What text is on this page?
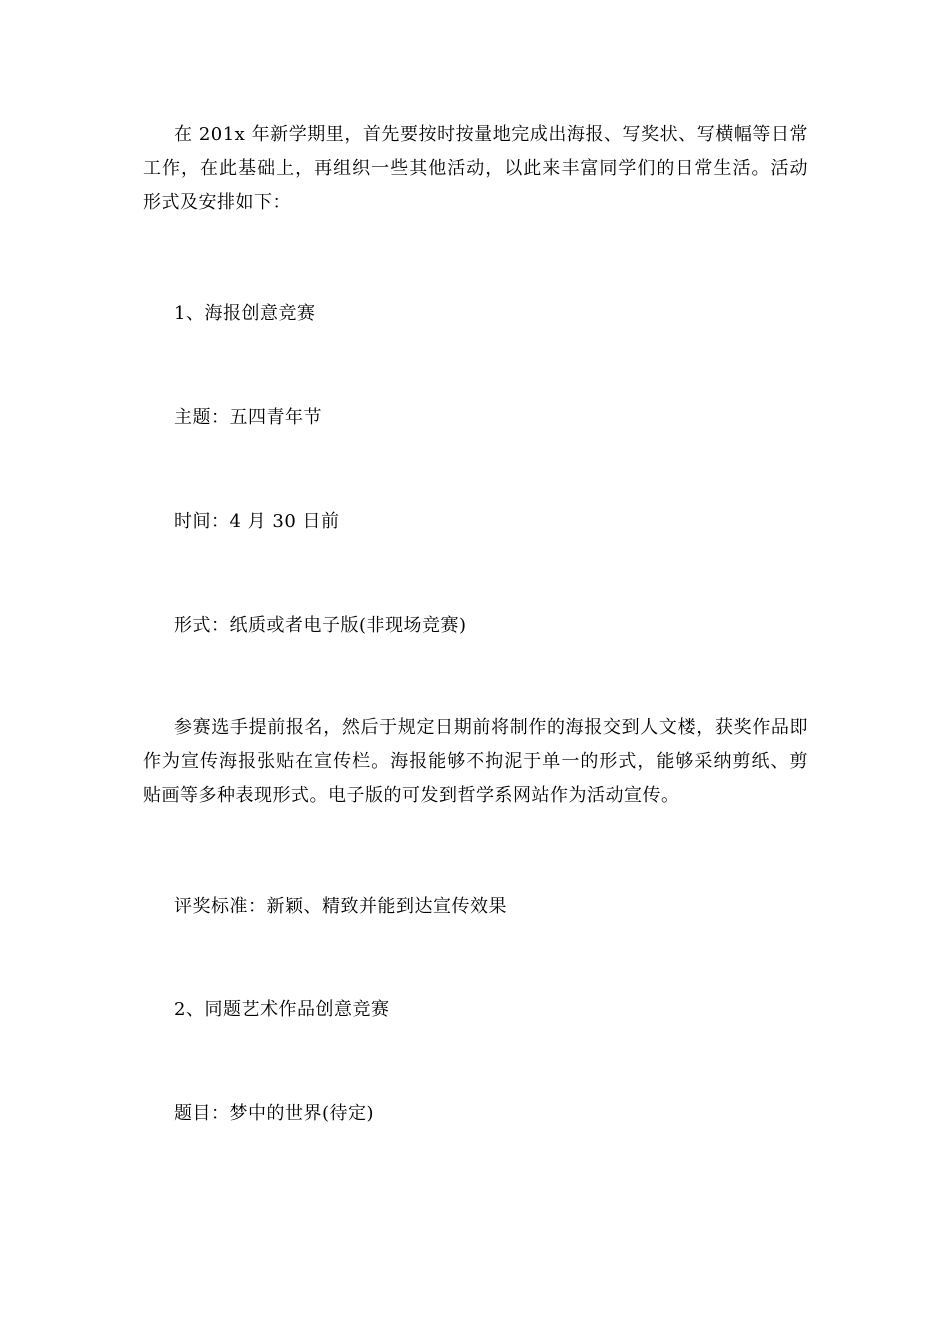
在 201x 年新学期里，首先要按时按量地完成出海报、写奖状、写横幅等日常工作，在此基础上，再组织一些其他活动，以此来丰富同学们的日常生活。活动形式及安排如下：

1、海报创意竞赛

主题：五四青年节

时间：4 月 30 日前

形式：纸质或者电子版(非现场竞赛)

参赛选手提前报名，然后于规定日期前将制作的海报交到人文楼，获奖作品即作为宣传海报张贴在宣传栏。海报能够不拘泥于单一的形式，能够采纳剪纸、剪贴画等多种表现形式。电子版的可发到哲学系网站作为活动宣传。

评奖标准：新颖、精致并能到达宣传效果

2、同题艺术作品创意竞赛

题目：梦中的世界(待定)
